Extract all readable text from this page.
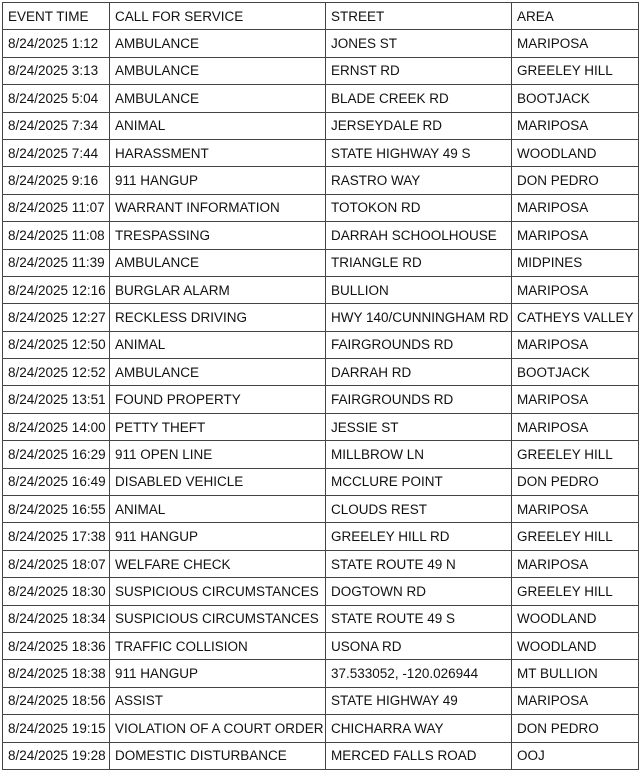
EVENT TIME	CALL FOR SERVICE	STREET	AREA
8/24/2025 1:12	AMBULANCE	JONES ST	MARIPOSA
8/24/2025 3:13	AMBULANCE	ERNST RD	GREELEY HILL
8/24/2025 5:04	AMBULANCE	BLADE CREEK RD	BOOTJACK
8/24/2025 7:34	ANIMAL	JERSEYDALE RD	MARIPOSA
8/24/2025 7:44	HARASSMENT	STATE HIGHWAY 49 S	WOODLAND
8/24/2025 9:16	911 HANGUP	RASTRO WAY	DON PEDRO
8/24/2025 11:07	WARRANT INFORMATION	TOTOKON RD	MARIPOSA
8/24/2025 11:08	TRESPASSING	DARRAH SCHOOLHOUSE	MARIPOSA
8/24/2025 11:39	AMBULANCE	TRIANGLE RD	MIDPINES
8/24/2025 12:16	BURGLAR ALARM	BULLION	MARIPOSA
8/24/2025 12:27	RECKLESS DRIVING	HWY 140/CUNNINGHAM RD	CATHEYS VALLEY
8/24/2025 12:50	ANIMAL	FAIRGROUNDS RD	MARIPOSA
8/24/2025 12:52	AMBULANCE	DARRAH RD	BOOTJACK
8/24/2025 13:51	FOUND PROPERTY	FAIRGROUNDS RD	MARIPOSA
8/24/2025 14:00	PETTY THEFT	JESSIE ST	MARIPOSA
8/24/2025 16:29	911 OPEN LINE	MILLBROW LN	GREELEY HILL
8/24/2025 16:49	DISABLED VEHICLE	MCCLURE POINT	DON PEDRO
8/24/2025 16:55	ANIMAL	CLOUDS REST	MARIPOSA
8/24/2025 17:38	911 HANGUP	GREELEY HILL RD	GREELEY HILL
8/24/2025 18:07	WELFARE CHECK	STATE ROUTE 49 N	MARIPOSA
8/24/2025 18:30	SUSPICIOUS CIRCUMSTANCES	DOGTOWN RD	GREELEY HILL
8/24/2025 18:34	SUSPICIOUS CIRCUMSTANCES	STATE ROUTE 49 S	WOODLAND
8/24/2025 18:36	TRAFFIC COLLISION	USONA RD	WOODLAND
8/24/2025 18:38	911 HANGUP	37.533052, -120.026944	MT BULLION
8/24/2025 18:56	ASSIST	STATE HIGHWAY 49	MARIPOSA
8/24/2025 19:15	VIOLATION OF A COURT ORDER	CHICHARRA WAY	DON PEDRO
8/24/2025 19:28	DOMESTIC DISTURBANCE	MERCED FALLS ROAD	OOJ
